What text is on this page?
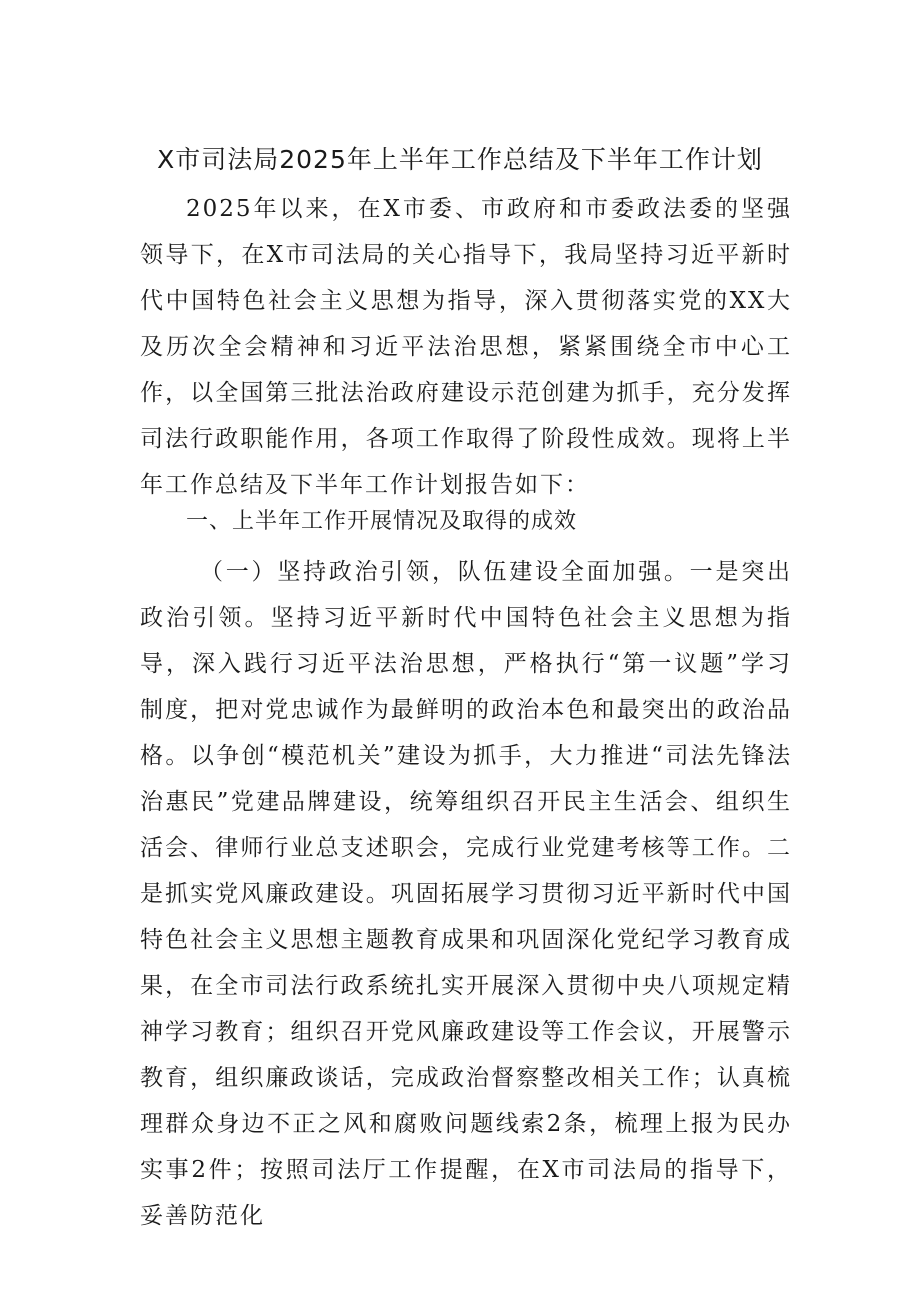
X市司法局2025年上半年工作总结及下半年工作计划
2025年以来，在X市委、市政府和市委政法委的坚强领导下，在X市司法局的关心指导下，我局坚持习近平新时代中国特色社会主义思想为指导，深入贯彻落实党的XX大及历次全会精神和习近平法治思想，紧紧围绕全市中心工作，以全国第三批法治政府建设示范创建为抓手，充分发挥司法行政职能作用，各项工作取得了阶段性成效。现将上半年工作总结及下半年工作计划报告如下：
一、上半年工作开展情况及取得的成效
（一）坚持政治引领，队伍建设全面加强。一是突出政治引领。坚持习近平新时代中国特色社会主义思想为指导，深入践行习近平法治思想，严格执行“第一议题”学习制度，把对党忠诚作为最鲜明的政治本色和最突出的政治品格。以争创“模范机关”建设为抓手，大力推进“司法先锋法治惠民”党建品牌建设，统筹组织召开民主生活会、组织生活会、律师行业总支述职会，完成行业党建考核等工作。二是抓实党风廉政建设。巩固拓展学习贯彻习近平新时代中国特色社会主义思想主题教育成果和巩固深化党纪学习教育成果，在全市司法行政系统扎实开展深入贯彻中央八项规定精神学习教育；组织召开党风廉政建设等工作会议，开展警示教育，组织廉政谈话，完成政治督察整改相关工作；认真梳理群众身边不正之风和腐败问题线索2条，梳理上报为民办实事2件；按照司法厅工作提醒，在X市司法局的指导下，妥善防范化
